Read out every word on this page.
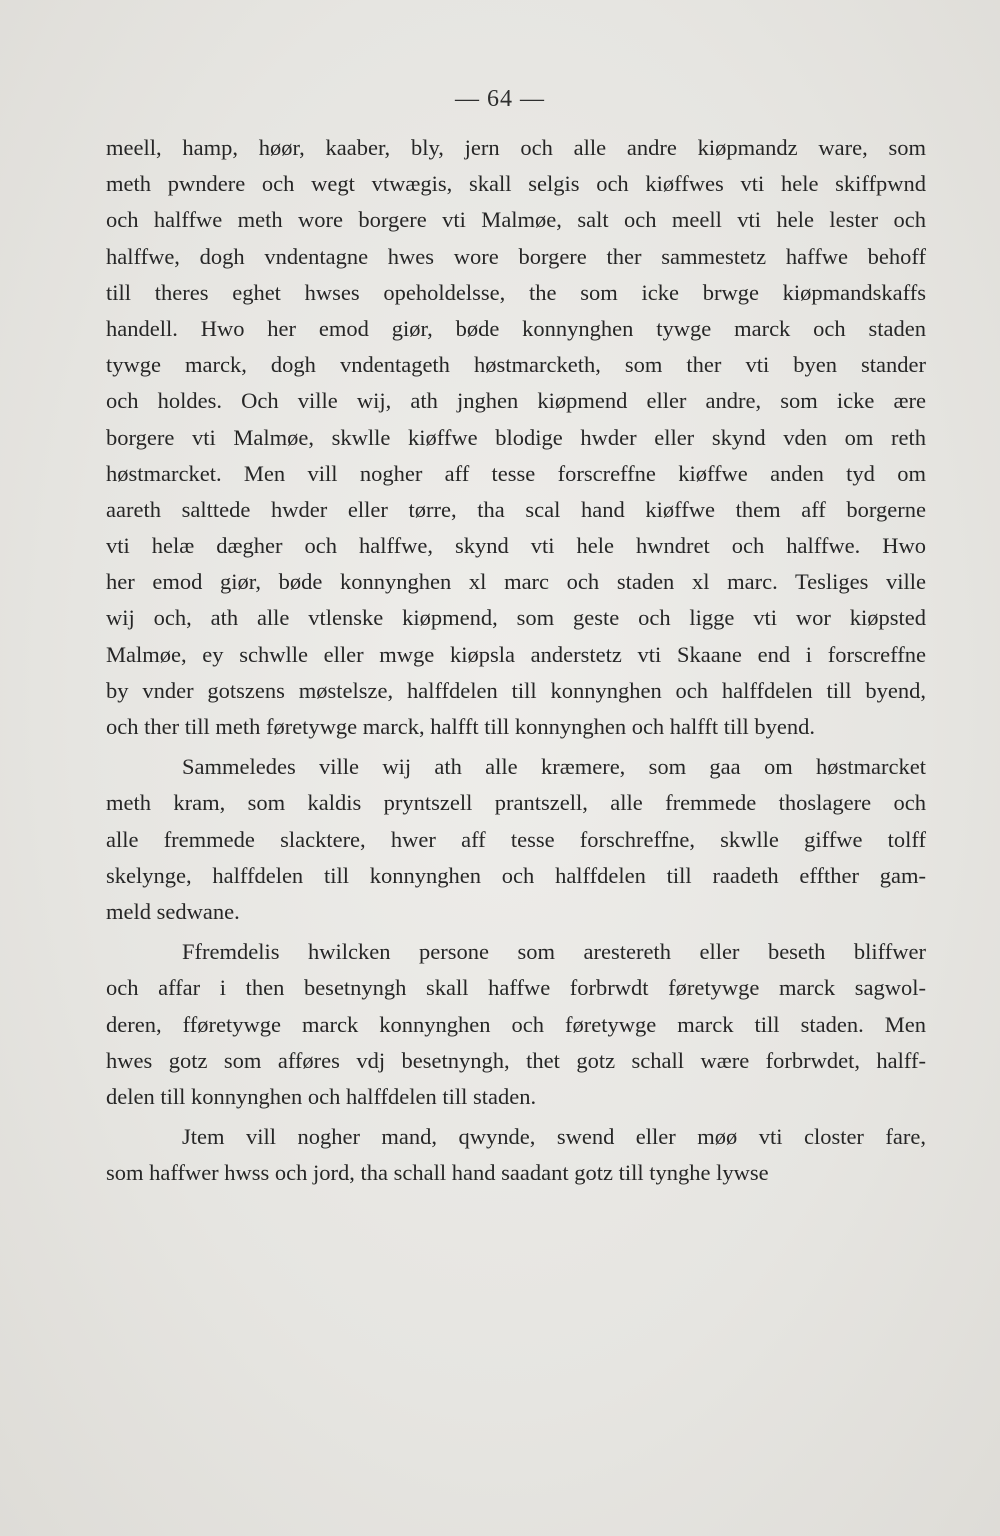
— 64 —
meell, hamp, høør, kaaber, bly, jern och alle andre kiøpmandz ware, som
meth pwndere och wegt vtwægis, skall selgis och kiøffwes vti hele skiffpwnd
och halffwe meth wore borgere vti Malmøe, salt och meell vti hele lester och
halffwe, dogh vndentagne hwes wore borgere ther sammestetz haffwe behoff
till theres eghet hwses opeholdelsse, the som icke brwge kiøpmandskaffs
handell. Hwo her emod giør, bøde konnynghen tywge marck och staden
tywge marck, dogh vndentageth høstmarcketh, som ther vti byen stander
och holdes. Och ville wij, ath jnghen kiøpmend eller andre, som icke ære
borgere vti Malmøe, skwlle kiøffwe blodige hwder eller skynd vden om reth
høstmarcket. Men vill nogher aff tesse forscreffne kiøffwe anden tyd om
aareth salttede hwder eller tørre, tha scal hand kiøffwe them aff borgerne
vti helæ dægher och halffwe, skynd vti hele hwndret och halffwe. Hwo
her emod giør, bøde konnynghen xl marc och staden xl marc. Tesliges ville
wij och, ath alle vtlenske kiøpmend, som geste och ligge vti wor kiøpsted
Malmøe, ey schwlle eller mwge kiøpsla anderstetz vti Skaane end i forscreffne
by vnder gotszens møstelsze, halffdelen till konnynghen och halffdelen till byend,
och ther till meth føretywge marck, halfft till konnynghen och halfft till byend.
Sammeledes ville wij ath alle kræmere, som gaa om høstmarcket
meth kram, som kaldis pryntszell prantszell, alle fremmede thoslagere och
alle fremmede slacktere, hwer aff tesse forschreffne, skwlle giffwe tolff
skelynge, halffdelen till konnynghen och halffdelen till raadeth effther gam-
meld sedwane.
Ffremdelis hwilcken persone som arestereth eller beseth bliffwer
och affar i then besetnyngh skall haffwe forbrwdt føretywge marck sagwol-
deren, fføretywge marck konnynghen och føretywge marck till staden. Men
hwes gotz som afføres vdj besetnyngh, thet gotz schall wære forbrwdet, halff-
delen till konnynghen och halffdelen till staden.
Jtem vill nogher mand, qwynde, swend eller møø vti closter fare,
som haffwer hwss och jord, tha schall hand saadant gotz till tynghe lywse
